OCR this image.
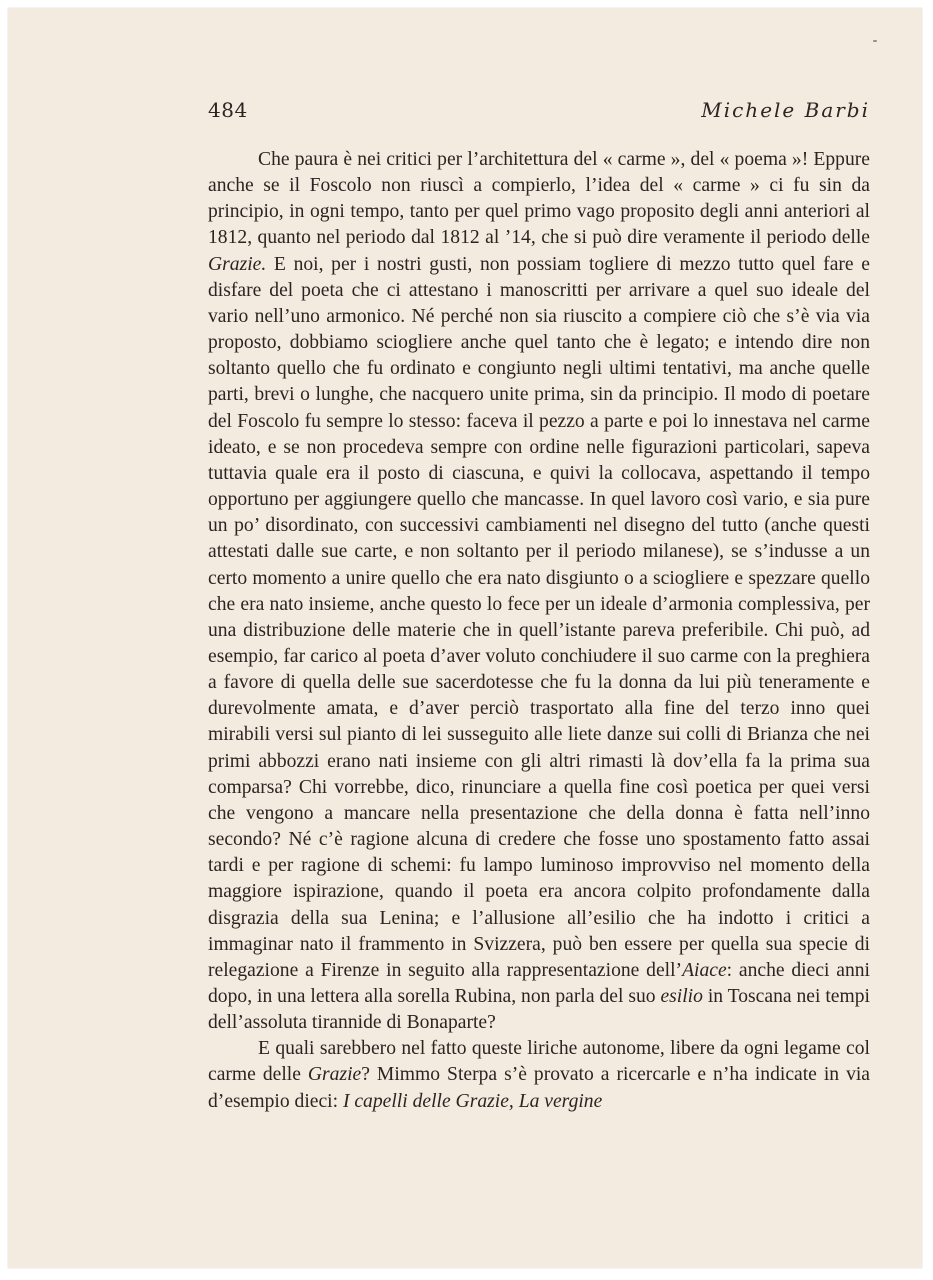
484	Michele Barbi

Che paura è nei critici per l’architettura del « carme », del « poema »! Eppure anche se il Foscolo non riuscì a compierlo, l’idea del « carme » ci fu sin da principio, in ogni tempo, tanto per quel primo vago proposito degli anni anteriori al 1812, quanto nel periodo dal 1812 al ’14, che si può dire veramente il periodo delle Grazie. E noi, per i nostri gusti, non possiam togliere di mezzo tutto quel fare e disfare del poeta che ci attestano i manoscritti per arrivare a quel suo ideale del vario nell’uno armonico. Né perché non sia riuscito a compiere ciò che s’è via via proposto, dobbiamo sciogliere anche quel tanto che è legato; e intendo dire non soltanto quello che fu ordinato e congiunto negli ultimi tentativi, ma anche quelle parti, brevi o lunghe, che nacquero unite prima, sin da principio. Il modo di poetare del Foscolo fu sempre lo stesso: faceva il pezzo a parte e poi lo innestava nel carme ideato, e se non procedeva sempre con ordine nelle figurazioni particolari, sapeva tuttavia quale era il posto di ciascuna, e quivi la collocava, aspettando il tempo opportuno per aggiungere quello che mancasse. In quel lavoro così vario, e sia pure un po’ disordinato, con successivi cambiamenti nel disegno del tutto (anche questi attestati dalle sue carte, e non soltanto per il periodo milanese), se s’indusse a un certo momento a unire quello che era nato disgiunto o a sciogliere e spezzare quello che era nato insieme, anche questo lo fece per un ideale d’armonia complessiva, per una distribuzione delle materie che in quell’istante pareva preferibile. Chi può, ad esempio, far carico al poeta d’aver voluto conchiudere il suo carme con la preghiera a favore di quella delle sue sacerdotesse che fu la donna da lui più teneramente e durevolmente amata, e d’aver perciò trasportato alla fine del terzo inno quei mirabili versi sul pianto di lei susseguito alle liete danze sui colli di Brianza che nei primi abbozzi erano nati insieme con gli altri rimasti là dov’ella fa la prima sua comparsa? Chi vorrebbe, dico, rinunciare a quella fine così poetica per quei versi che vengono a mancare nella presentazione che della donna è fatta nell’inno secondo? Né c’è ragione alcuna di credere che fosse uno spostamento fatto assai tardi e per ragione di schemi: fu lampo luminoso improvviso nel momento della maggiore ispirazione, quando il poeta era ancora colpito profondamente dalla disgrazia della sua Lenina; e l’allusione all’esilio che ha indotto i critici a immaginar nato il frammento in Svizzera, può ben essere per quella sua specie di relegazione a Firenze in seguito alla rappresentazione dell’Aiace: anche dieci anni dopo, in una lettera alla sorella Rubina, non parla del suo esilio in Toscana nei tempi dell’assoluta tirannide di Bonaparte?

E quali sarebbero nel fatto queste liriche autonome, libere da ogni legame col carme delle Grazie? Mimmo Sterpa s’è provato a ricercarle e n’ha indicate in via d’esempio dieci: I capelli delle Grazie, La vergine
